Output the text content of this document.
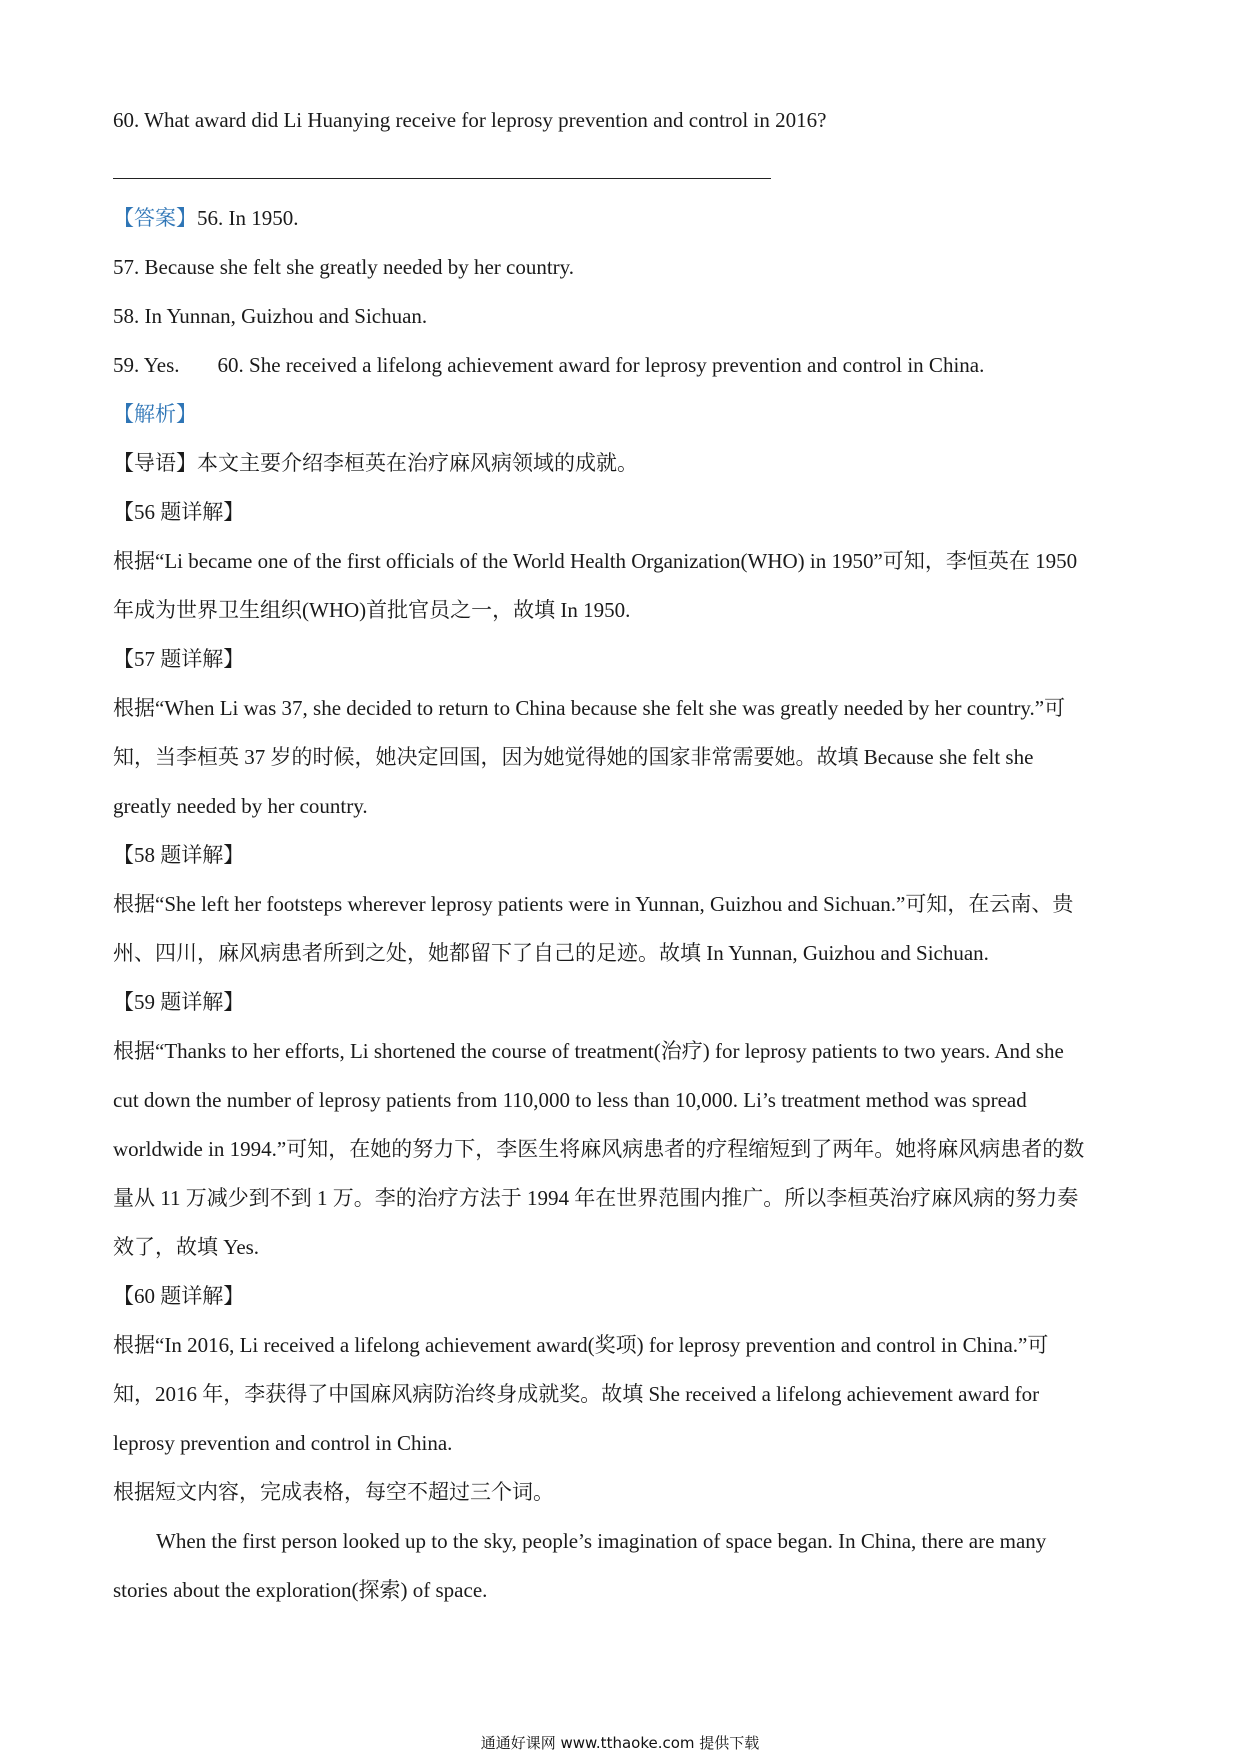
60. What award did Li Huanying receive for leprosy prevention and control in 2016?
【答案】56. In 1950.
57. Because she felt she greatly needed by her country.
58. In Yunnan, Guizhou and Sichuan.
59. Yes. 60. She received a lifelong achievement award for leprosy prevention and control in China.
【解析】
【导语】本文主要介绍李桓英在治疗麻风病领域的成就。
【56 题详解】
根据“Li became one of the first officials of the World Health Organization(WHO) in 1950”可知，李恒英在 1950
年成为世界卫生组织(WHO)首批官员之一，故填 In 1950.
【57 题详解】
根据“When Li was 37, she decided to return to China because she felt she was greatly needed by her country.”可
知，当李桓英 37 岁的时候，她决定回国，因为她觉得她的国家非常需要她。故填 Because she felt she
greatly needed by her country.
【58 题详解】
根据“She left her footsteps wherever leprosy patients were in Yunnan, Guizhou and Sichuan.”可知，在云南、贵
州、四川，麻风病患者所到之处，她都留下了自己的足迹。故填 In Yunnan, Guizhou and Sichuan.
【59 题详解】
根据“Thanks to her efforts, Li shortened the course of treatment(治疗) for leprosy patients to two years. And she
cut down the number of leprosy patients from 110,000 to less than 10,000. Li’s treatment method was spread
worldwide in 1994.”可知，在她的努力下，李医生将麻风病患者的疗程缩短到了两年。她将麻风病患者的数
量从 11 万减少到不到 1 万。李的治疗方法于 1994 年在世界范围内推广。所以李桓英治疗麻风病的努力奏
效了，故填 Yes.
【60 题详解】
根据“In 2016, Li received a lifelong achievement award(奖项) for leprosy prevention and control in China.”可
知，2016 年，李获得了中国麻风病防治终身成就奖。故填 She received a lifelong achievement award for
leprosy prevention and control in China.
根据短文内容，完成表格，每空不超过三个词。
When the first person looked up to the sky, people’s imagination of space began. In China, there are many
stories about the exploration(探索) of space.
通通好课网 www.tthaoke.com 提供下载
